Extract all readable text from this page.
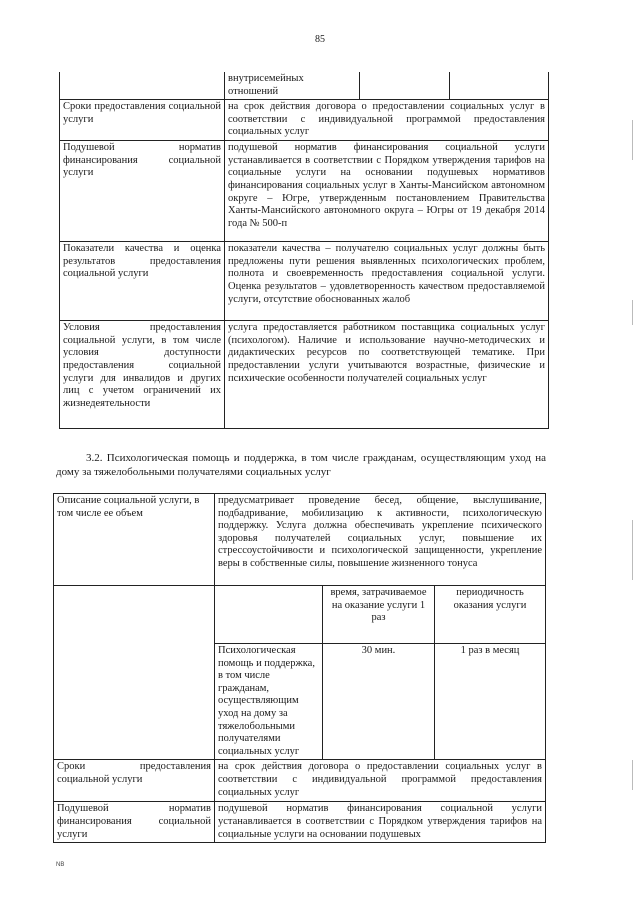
85
	внутрисемейных отношений		
Сроки предоставления социальной услуги	на срок действия договора о предоставлении социальных услуг в соответствии с индивидуальной программой предоставления социальных услуг		
Подушевой норматив финансирования социальной услуги	подушевой норматив финансирования социальной услуги устанавливается в соответствии с Порядком утверждения тарифов на социальные услуги на основании подушевых нормативов финансирования социальных услуг в Ханты-Мансийском автономном округе – Югре, утвержденным постановлением Правительства Ханты-Мансийского автономного округа – Югры от 19 декабря 2014 года № 500-п		
Показатели качества и оценка результатов предоставления социальной услуги	показатели качества – получателю социальных услуг должны быть предложены пути решения выявленных психологических проблем, полнота и своевременность предоставления социальной услуги. Оценка результатов – удовлетворенность качеством предоставляемой услуги, отсутствие обоснованных жалоб		
Условия предоставления социальной услуги, в том числе условия доступности предоставления социальной услуги для инвалидов и других лиц с учетом ограничений их жизнедеятельности	услуга предоставляется работником поставщика социальных услуг (психологом). Наличие и использование научно-методических и дидактических ресурсов по соответствующей тематике. При предоставлении услуги учитываются возрастные, физические и психические особенности получателей социальных услуг		
3.2. Психологическая помощь и поддержка, в том числе гражданам, осуществляющим уход на дому за тяжелобольными получателями социальных услуг
Описание социальной услуги, в том числе ее объем	предусматривает проведение бесед, общение, выслушивание, подбадривание, мобилизацию к активности, психологическую поддержку. Услуга должна обеспечивать укрепление психического здоровья получателей социальных услуг, повышение их стрессоустойчивости и психологической защищенности, укрепление веры в собственные силы, повышение жизненного тонуса		
		время, затрачиваемое на оказание услуги 1 раз	периодичность оказания услуги
	Психологическая помощь и поддержка, в том числе гражданам, осуществляющим уход на дому за тяжелобольными получателями социальных услуг	30 мин.	1 раз в месяц
Сроки предоставления социальной услуги	на срок действия договора о предоставлении социальных услуг в соответствии с индивидуальной программой предоставления социальных услуг		
Подушевой норматив финансирования социальной услуги	подушевой норматив финансирования социальной услуги устанавливается в соответствии с Порядком утверждения тарифов на социальные услуги на основании подушевых		
NB
